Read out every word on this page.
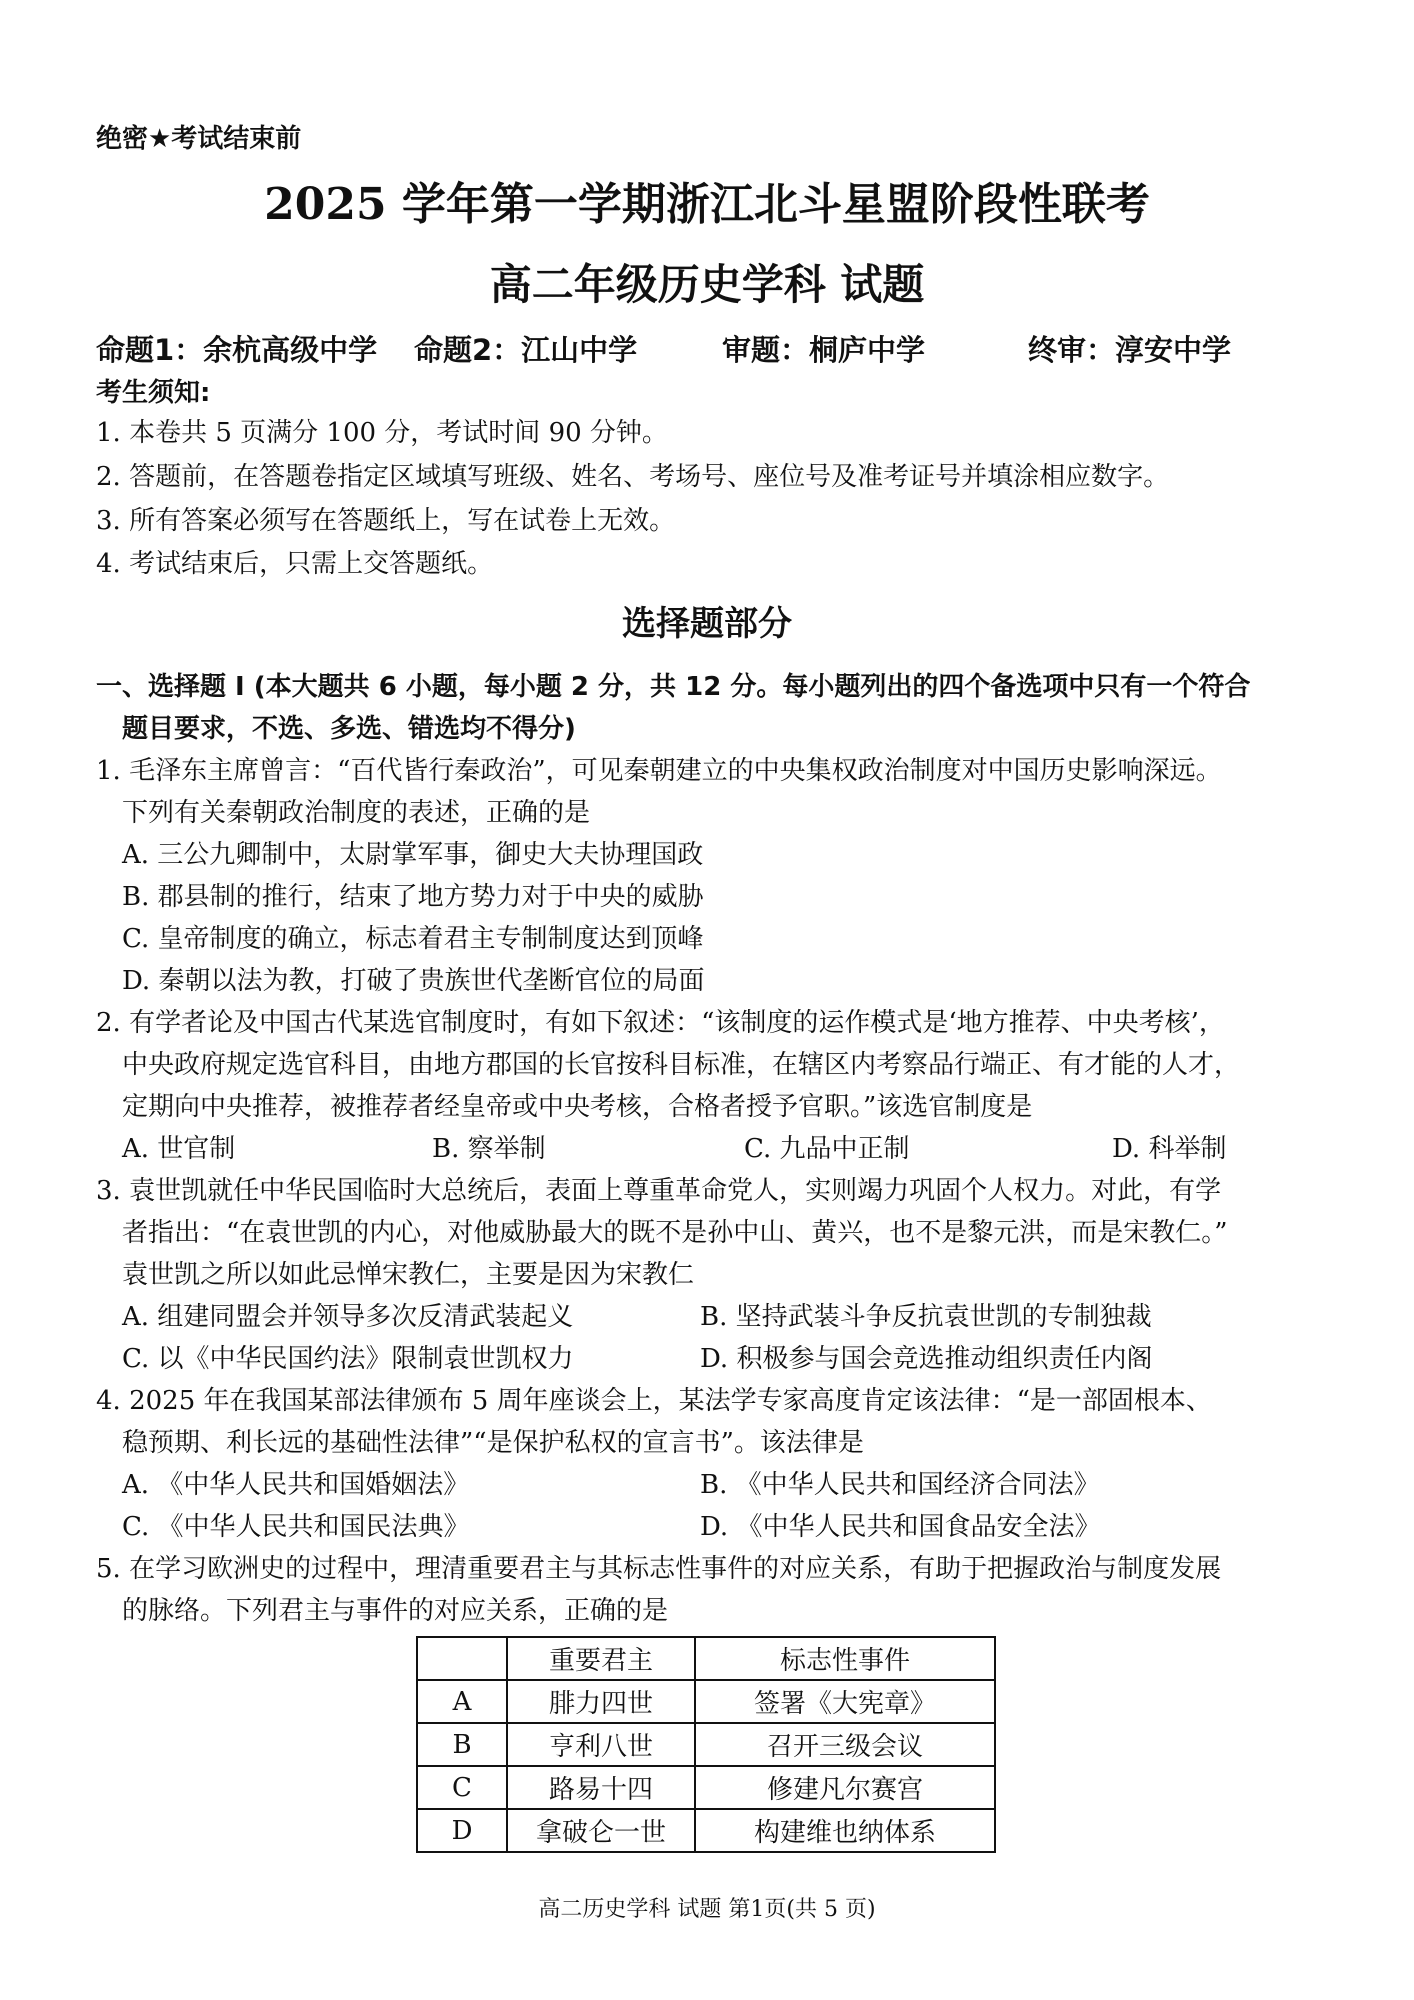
绝密★考试结束前
2025 学年第一学期浙江北斗星盟阶段性联考
高二年级历史学科 试题
命题1：余杭高级中学 命题2：江山中学	审题：桐庐中学	终审：淳安中学
考生须知:
1. 本卷共 5 页满分 100 分，考试时间 90 分钟。
2. 答题前，在答题卷指定区域填写班级、姓名、考场号、座位号及准考证号并填涂相应数字。
3. 所有答案必须写在答题纸上，写在试卷上无效。
4. 考试结束后，只需上交答题纸。
选择题部分
一、选择题 I (本大题共 6 小题，每小题 2 分，共 12 分。每小题列出的四个备选项中只有一个符合
题目要求，不选、多选、错选均不得分)
1. 毛泽东主席曾言：“百代皆行秦政治”，可见秦朝建立的中央集权政治制度对中国历史影响深远。
下列有关秦朝政治制度的表述，正确的是
A. 三公九卿制中，太尉掌军事，御史大夫协理国政
B. 郡县制的推行，结束了地方势力对于中央的威胁
C. 皇帝制度的确立，标志着君主专制制度达到顶峰
D. 秦朝以法为教，打破了贵族世代垄断官位的局面
2. 有学者论及中国古代某选官制度时，有如下叙述：“该制度的运作模式是‘地方推荐、中央考核’，
中央政府规定选官科目，由地方郡国的长官按科目标准，在辖区内考察品行端正、有才能的人才，
定期向中央推荐，被推荐者经皇帝或中央考核，合格者授予官职。”该选官制度是
A. 世官制	B. 察举制	C. 九品中正制	D. 科举制
3. 袁世凯就任中华民国临时大总统后，表面上尊重革命党人，实则竭力巩固个人权力。对此，有学
者指出：“在袁世凯的内心，对他威胁最大的既不是孙中山、黄兴，也不是黎元洪，而是宋教仁。”
袁世凯之所以如此忌惮宋教仁，主要是因为宋教仁
A. 组建同盟会并领导多次反清武装起义	B. 坚持武装斗争反抗袁世凯的专制独裁
C. 以《中华民国约法》限制袁世凯权力	D. 积极参与国会竞选推动组织责任内阁
4. 2025 年在我国某部法律颁布 5 周年座谈会上，某法学专家高度肯定该法律：“是一部固根本、
稳预期、利长远的基础性法律”“是保护私权的宣言书”。该法律是
A. 《中华人民共和国婚姻法》	B. 《中华人民共和国经济合同法》
C. 《中华人民共和国民法典》	D. 《中华人民共和国食品安全法》
5. 在学习欧洲史的过程中，理清重要君主与其标志性事件的对应关系，有助于把握政治与制度发展
的脉络。下列君主与事件的对应关系，正确的是
	重要君主	标志性事件
A	腓力四世	签署《大宪章》
B	亨利八世	召开三级会议
C	路易十四	修建凡尔赛宫
D	拿破仑一世	构建维也纳体系
高二历史学科 试题 第1页(共 5 页)
